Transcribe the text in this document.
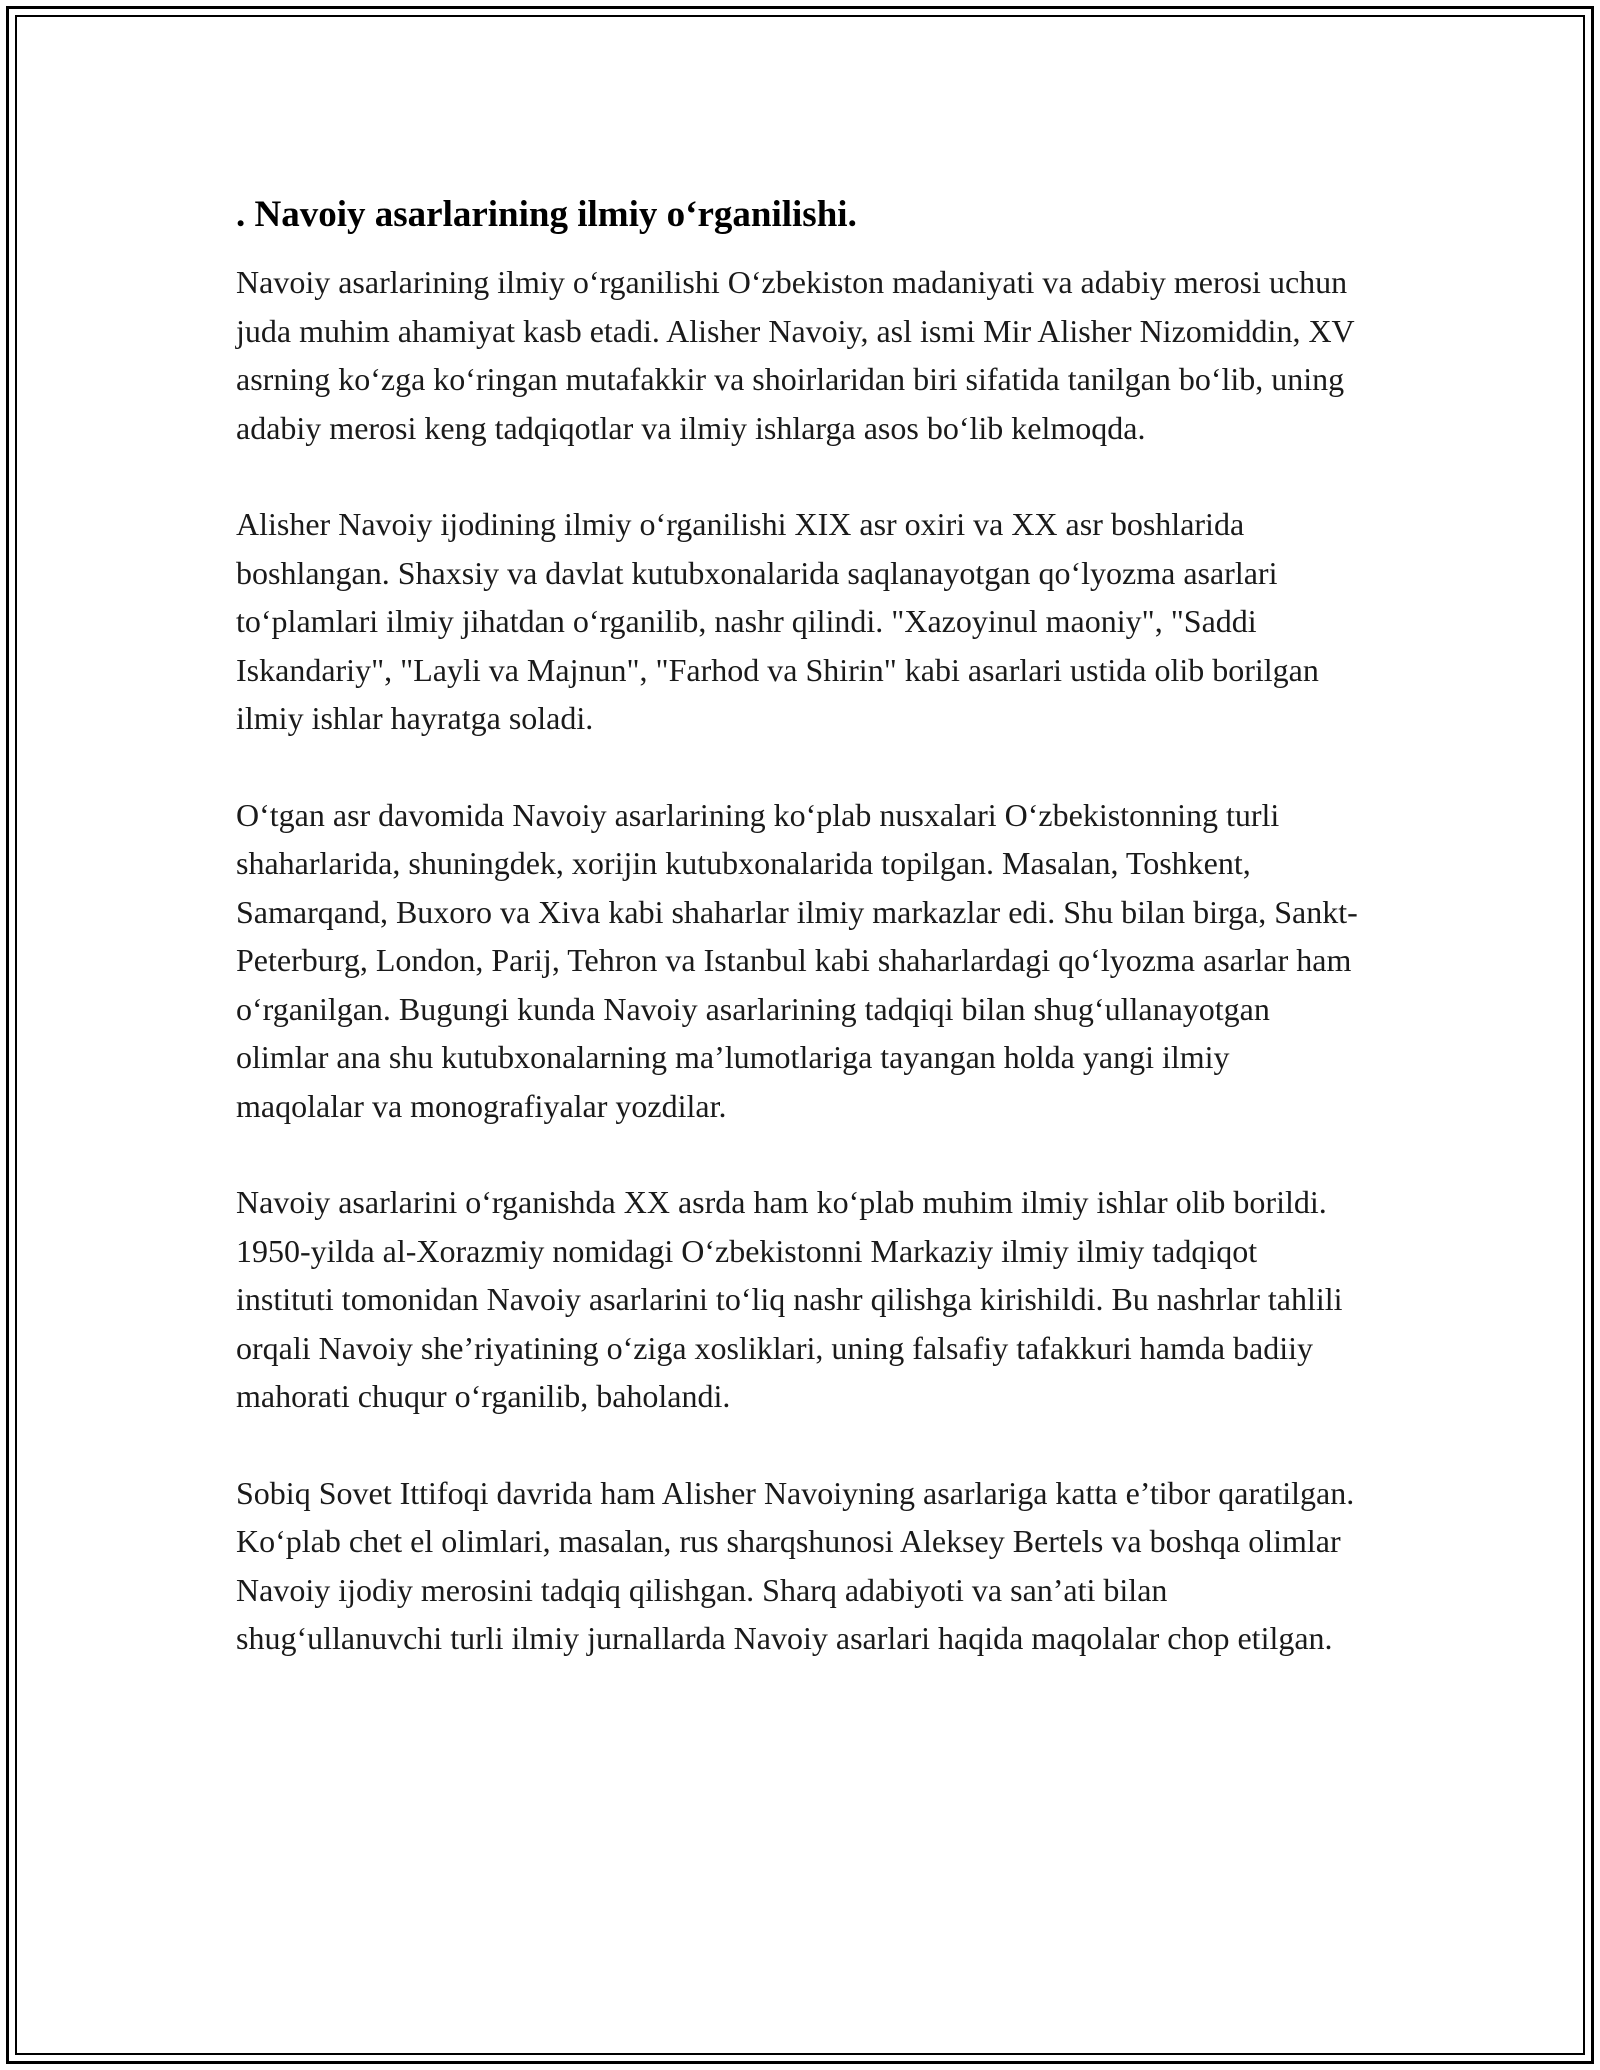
. Navoiy asarlarining ilmiy o‘rganilishi.

Navoiy asarlarining ilmiy o‘rganilishi O‘zbekiston madaniyati va adabiy merosi uchun juda muhim ahamiyat kasb etadi. Alisher Navoiy, asl ismi Mir Alisher Nizomiddin, XV asrning ko‘zga ko‘ringan mutafakkir va shoirlaridan biri sifatida tanilgan bo‘lib, uning adabiy merosi keng tadqiqotlar va ilmiy ishlarga asos bo‘lib kelmoqda.

Alisher Navoiy ijodining ilmiy o‘rganilishi XIX asr oxiri va XX asr boshlarida boshlangan. Shaxsiy va davlat kutubxonalarida saqlanayotgan qo‘lyozma asarlari to‘plamlari ilmiy jihatdan o‘rganilib, nashr qilindi. "Xazoyinul maoniy", "Saddi Iskandariy", "Layli va Majnun", "Farhod va Shirin" kabi asarlari ustida olib borilgan ilmiy ishlar hayratga soladi.

O‘tgan asr davomida Navoiy asarlarining ko‘plab nusxalari O‘zbekistonning turli shaharlarida, shuningdek, xorijin kutubxonalarida topilgan. Masalan, Toshkent, Samarqand, Buxoro va Xiva kabi shaharlar ilmiy markazlar edi. Shu bilan birga, Sankt-Peterburg, London, Parij, Tehron va Istanbul kabi shaharlardagi qo‘lyozma asarlar ham o‘rganilgan. Bugungi kunda Navoiy asarlarining tadqiqi bilan shug‘ullanayotgan olimlar ana shu kutubxonalarning ma’lumotlariga tayangan holda yangi ilmiy maqolalar va monografiyalar yozdilar.

Navoiy asarlarini o‘rganishda XX asrda ham ko‘plab muhim ilmiy ishlar olib borildi. 1950-yilda al-Xorazmiy nomidagi O‘zbekistonni Markaziy ilmiy ilmiy tadqiqot instituti tomonidan Navoiy asarlarini to‘liq nashr qilishga kirishildi. Bu nashrlar tahlili orqali Navoiy she’riyatining o‘ziga xosliklari, uning falsafiy tafakkuri hamda badiiy mahorati chuqur o‘rganilib, baholandi.

Sobiq Sovet Ittifoqi davrida ham Alisher Navoiyning asarlariga katta e’tibor qaratilgan. Ko‘plab chet el olimlari, masalan, rus sharqshunosi Aleksey Bertels va boshqa olimlar Navoiy ijodiy merosini tadqiq qilishgan. Sharq adabiyoti va san’ati bilan shug‘ullanuvchi turli ilmiy jurnallarda Navoiy asarlari haqida maqolalar chop etilgan.
